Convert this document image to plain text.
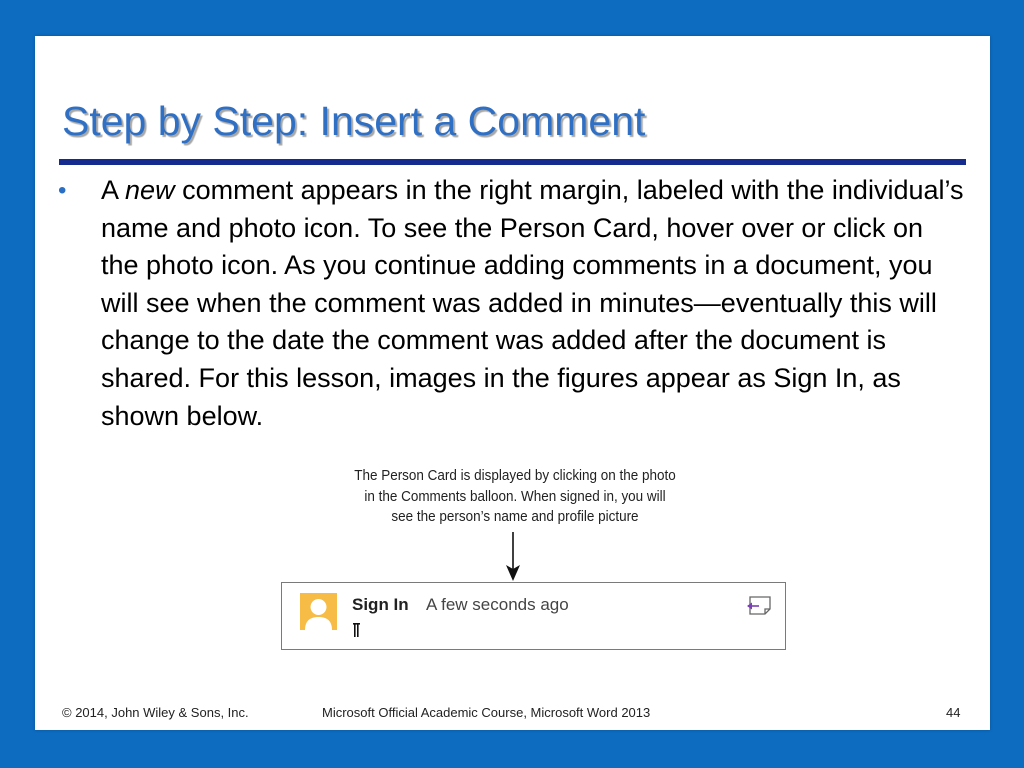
Step by Step: Insert a Comment
• A new comment appears in the right margin, labeled with the individual’s name and photo icon. To see the Person Card, hover over or click on the photo icon. As you continue adding comments in a document, you will see when the comment was added in minutes—eventually this will change to the date the comment was added after the document is shared. For this lesson, images in the figures appear as Sign In, as shown below.
The Person Card is displayed by clicking on the photo
in the Comments balloon. When signed in, you will
see the person’s name and profile picture
Sign In A few seconds ago
© 2014, John Wiley & Sons, Inc.	Microsoft Official Academic Course, Microsoft Word 2013	44
